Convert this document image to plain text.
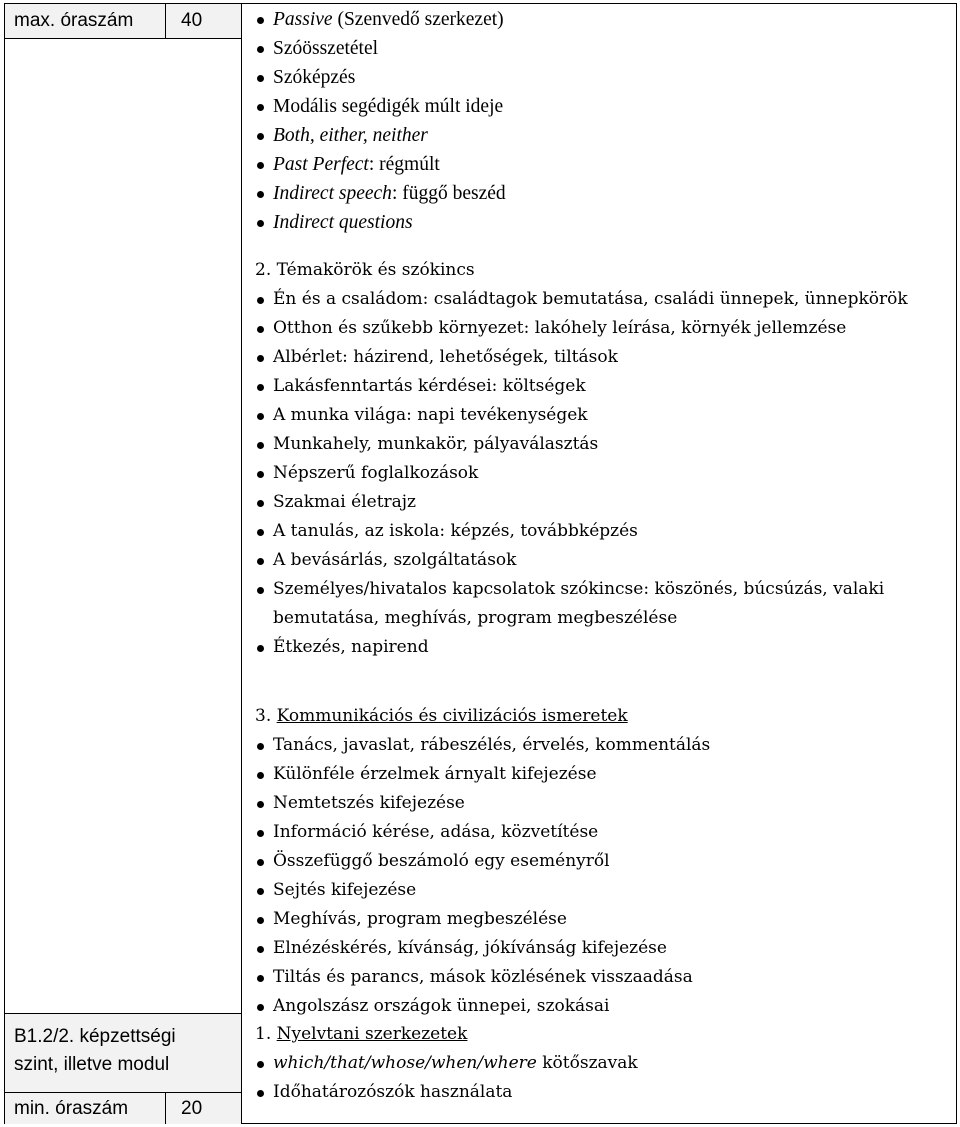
max. óraszám	40
B1.2/2. képzettségi
szint, illetve modul
min. óraszám	20
Passive (Szenvedő szerkezet)
Szóösszetétel
Szóképzés
Modális segédigék múlt ideje
Both, either, neither
Past Perfect: régmúlt
Indirect speech: függő beszéd
Indirect questions
2. Témakörök és szókincs
Én és a családom: családtagok bemutatása, családi ünnepek, ünnepkörök
Otthon és szűkebb környezet: lakóhely leírása, környék jellemzése
Albérlet: házirend, lehetőségek, tiltások
Lakásfenntartás kérdései: költségek
A munka világa: napi tevékenységek
Munkahely, munkakör, pályaválasztás
Népszerű foglalkozások
Szakmai életrajz
A tanulás, az iskola: képzés, továbbképzés
A bevásárlás, szolgáltatások
Személyes/hivatalos kapcsolatok szókincse: köszönés, búcsúzás, valaki bemutatása, meghívás, program megbeszélése
Étkezés, napirend
3. Kommunikációs és civilizációs ismeretek
Tanács, javaslat, rábeszélés, érvelés, kommentálás
Különféle érzelmek árnyalt kifejezése
Nemtetszés kifejezése
Információ kérése, adása, közvetítése
Összefüggő beszámoló egy eseményről
Sejtés kifejezése
Meghívás, program megbeszélése
Elnézéskérés, kívánság, jókívánság kifejezése
Tiltás és parancs, mások közlésének visszaadása
Angolszász országok ünnepei, szokásai
1. Nyelvtani szerkezetek
which/that/whose/when/where kötőszavak
Időhatározószók használata
